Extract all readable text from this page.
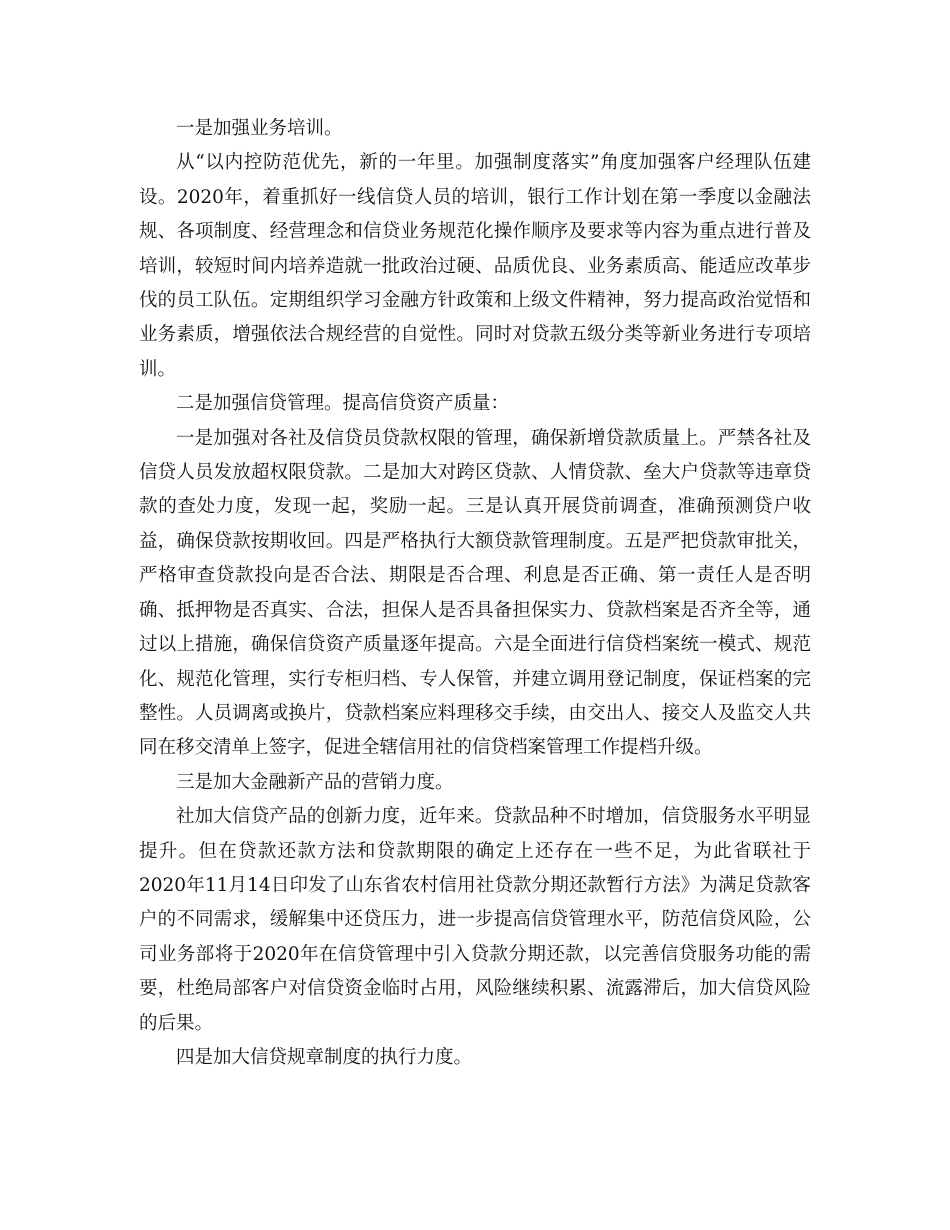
一是加强业务培训。

从“以内控防范优先，新的一年里。加强制度落实”角度加强客户经理队伍建设。2020年，着重抓好一线信贷人员的培训，银行工作计划在第一季度以金融法规、各项制度、经营理念和信贷业务规范化操作顺序及要求等内容为重点进行普及培训，较短时间内培养造就一批政治过硬、品质优良、业务素质高、能适应改革步伐的员工队伍。定期组织学习金融方针政策和上级文件精神，努力提高政治觉悟和业务素质，增强依法合规经营的自觉性。同时对贷款五级分类等新业务进行专项培训。

二是加强信贷管理。提高信贷资产质量：

一是加强对各社及信贷员贷款权限的管理，确保新增贷款质量上。严禁各社及信贷人员发放超权限贷款。二是加大对跨区贷款、人情贷款、垒大户贷款等违章贷款的查处力度，发现一起，奖励一起。三是认真开展贷前调查，准确预测贷户收益，确保贷款按期收回。四是严格执行大额贷款管理制度。五是严把贷款审批关，严格审查贷款投向是否合法、期限是否合理、利息是否正确、第一责任人是否明确、抵押物是否真实、合法，担保人是否具备担保实力、贷款档案是否齐全等，通过以上措施，确保信贷资产质量逐年提高。六是全面进行信贷档案统一模式、规范化、规范化管理，实行专柜归档、专人保管，并建立调用登记制度，保证档案的完整性。人员调离或换片，贷款档案应料理移交手续，由交出人、接交人及监交人共同在移交清单上签字，促进全辖信用社的信贷档案管理工作提档升级。

三是加大金融新产品的营销力度。

社加大信贷产品的创新力度，近年来。贷款品种不时增加，信贷服务水平明显提升。但在贷款还款方法和贷款期限的确定上还存在一些不足，为此省联社于2020年11月14日印发了山东省农村信用社贷款分期还款暂行方法》为满足贷款客户的不同需求，缓解集中还贷压力，进一步提高信贷管理水平，防范信贷风险，公司业务部将于2020年在信贷管理中引入贷款分期还款，以完善信贷服务功能的需要，杜绝局部客户对信贷资金临时占用，风险继续积累、流露滞后，加大信贷风险的后果。

四是加大信贷规章制度的执行力度。
